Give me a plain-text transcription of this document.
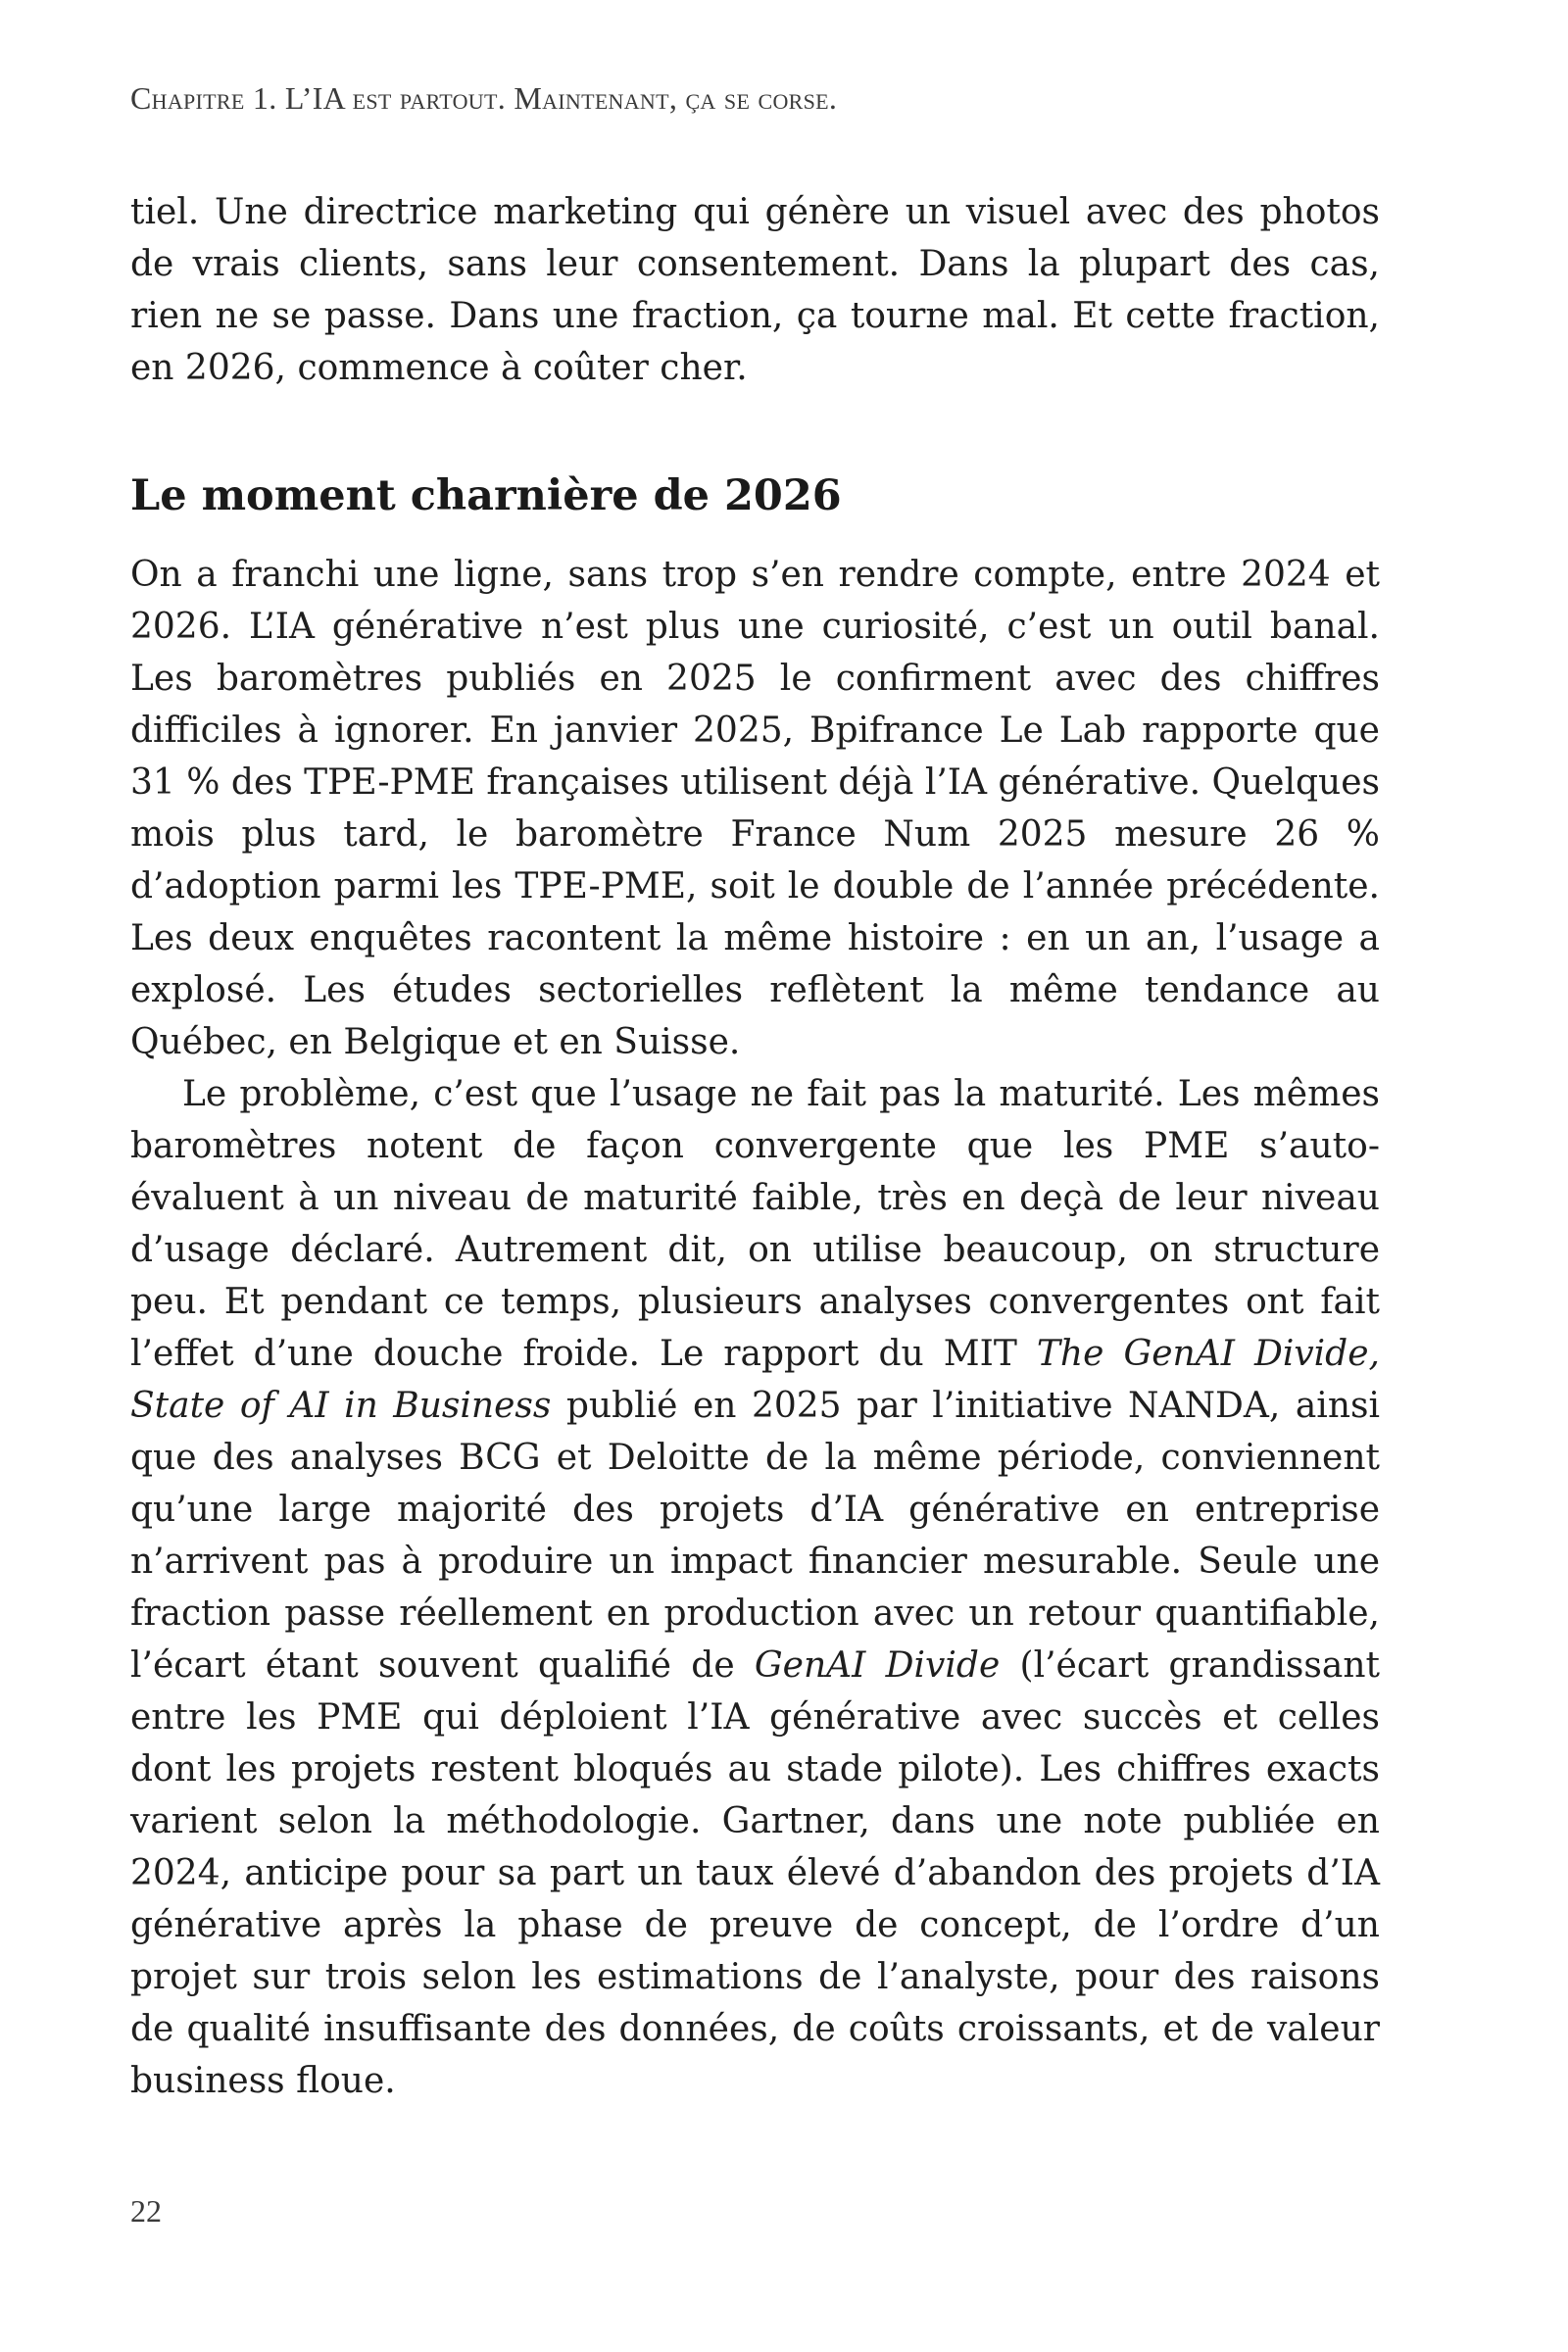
Chapitre 1. L’IA est partout. Maintenant, ça se corse.

tiel. Une directrice marketing qui génère un visuel avec des photos de vrais clients, sans leur consentement. Dans la plupart des cas, rien ne se passe. Dans une fraction, ça tourne mal. Et cette fraction, en 2026, commence à coûter cher.

Le moment charnière de 2026

On a franchi une ligne, sans trop s’en rendre compte, entre 2024 et 2026. L’IA générative n’est plus une curiosité, c’est un outil banal. Les baromètres publiés en 2025 le confirment avec des chiffres difficiles à ignorer. En janvier 2025, Bpifrance Le Lab rapporte que 31 % des TPE-PME françaises utilisent déjà l’IA générative. Quelques mois plus tard, le baromètre France Num 2025 mesure 26 % d’adoption parmi les TPE-PME, soit le double de l’année précédente. Les deux enquêtes racontent la même histoire : en un an, l’usage a explosé. Les études sectorielles reflètent la même tendance au Québec, en Belgique et en Suisse.

Le problème, c’est que l’usage ne fait pas la maturité. Les mêmes baromètres notent de façon convergente que les PME s’auto-évaluent à un niveau de maturité faible, très en deçà de leur niveau d’usage déclaré. Autrement dit, on utilise beaucoup, on structure peu. Et pendant ce temps, plusieurs analyses convergentes ont fait l’effet d’une douche froide. Le rapport du MIT The GenAI Divide, State of AI in Business publié en 2025 par l’initiative NANDA, ainsi que des analyses BCG et Deloitte de la même période, conviennent qu’une large majorité des projets d’IA générative en entreprise n’arrivent pas à produire un impact financier mesurable. Seule une fraction passe réellement en production avec un retour quantifiable, l’écart étant souvent qualifié de GenAI Divide (l’écart grandissant entre les PME qui déploient l’IA générative avec succès et celles dont les projets restent bloqués au stade pilote). Les chiffres exacts varient selon la méthodologie. Gartner, dans une note publiée en 2024, anticipe pour sa part un taux élevé d’abandon des projets d’IA générative après la phase de preuve de concept, de l’ordre d’un projet sur trois selon les estimations de l’analyste, pour des raisons de qualité insuffisante des données, de coûts croissants, et de valeur business floue.

22
